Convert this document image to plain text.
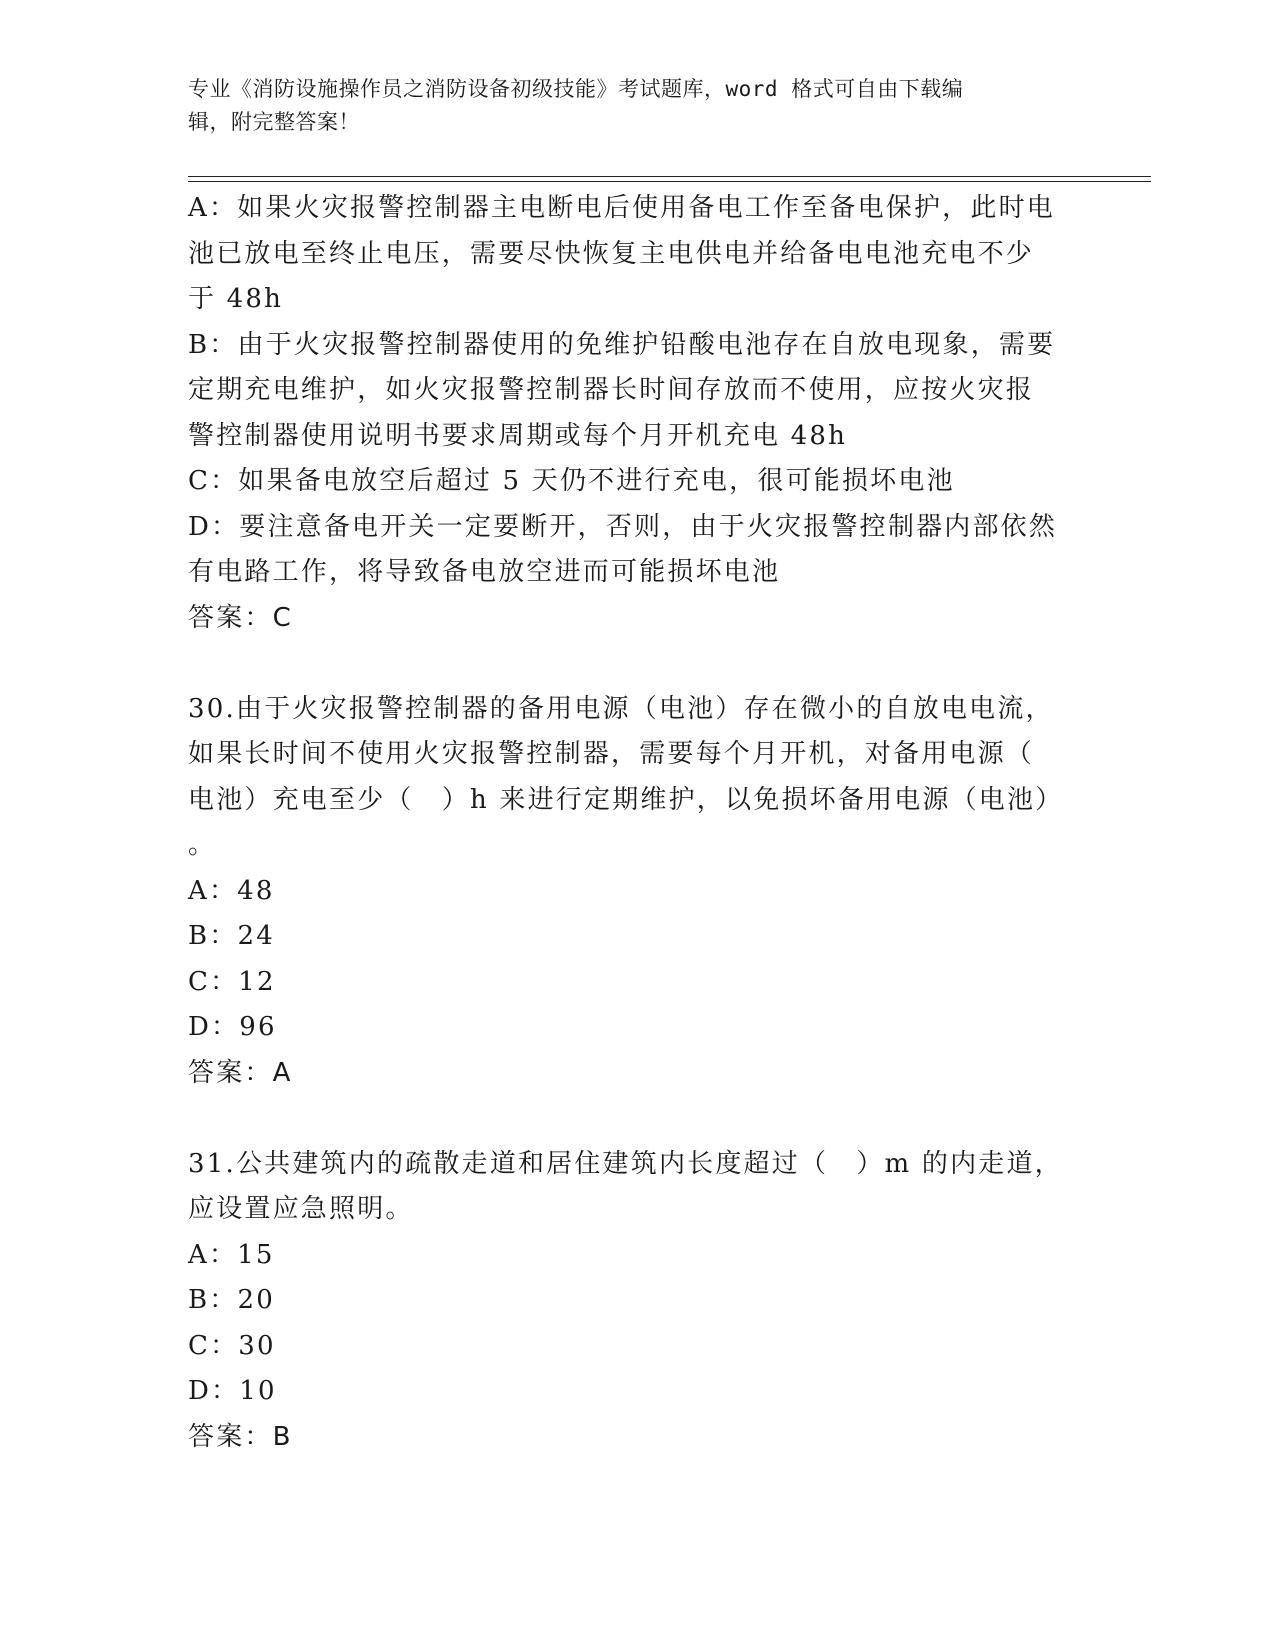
专业《消防设施操作员之消防设备初级技能》考试题库，word 格式可自由下载编
辑，附完整答案！
A：如果火灾报警控制器主电断电后使用备电工作至备电保护，此时电
池已放电至终止电压，需要尽快恢复主电供电并给备电电池充电不少
于 48h
B：由于火灾报警控制器使用的免维护铅酸电池存在自放电现象，需要
定期充电维护，如火灾报警控制器长时间存放而不使用，应按火灾报
警控制器使用说明书要求周期或每个月开机充电 48h
C：如果备电放空后超过 5 天仍不进行充电，很可能损坏电池
D：要注意备电开关一定要断开，否则，由于火灾报警控制器内部依然
有电路工作，将导致备电放空进而可能损坏电池
答案：C
30.由于火灾报警控制器的备用电源（电池）存在微小的自放电电流，
如果长时间不使用火灾报警控制器，需要每个月开机，对备用电源（
电池）充电至少（　）h 来进行定期维护，以免损坏备用电源（电池）
。
A：48
B：24
C：12
D：96
答案：A
31.公共建筑内的疏散走道和居住建筑内长度超过（　）m 的内走道，
应设置应急照明。
A：15
B：20
C：30
D：10
答案：B
